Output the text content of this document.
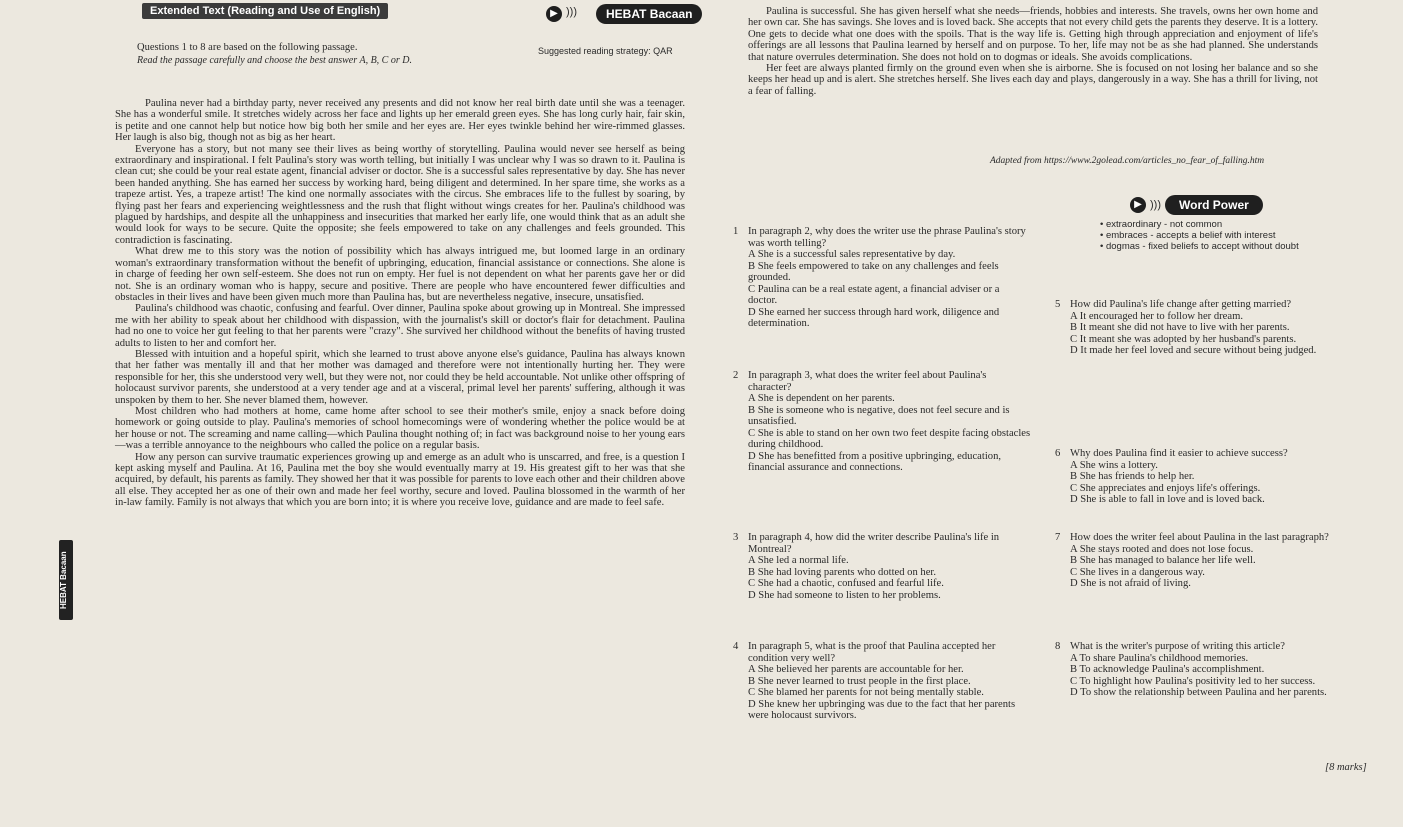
Extended Text (Reading and Use of English)	▶ )))	HEBAT Bacaan
Questions 1 to 8 are based on the following passage.
Read the passage carefully and choose the best answer A, B, C or D.
Suggested reading strategy: QAR

Paulina never had a birthday party, never received any presents and did not know her real birth date until she was a teenager. She has a wonderful smile. It stretches widely across her face and lights up her emerald green eyes. She has long curly hair, fair skin, is petite and one cannot help but notice how big both her smile and her eyes are. Her eyes twinkle behind her wire-rimmed glasses. Her laugh is also big, though not as big as her heart.

Everyone has a story, but not many see their lives as being worthy of storytelling. Paulina would never see herself as being extraordinary and inspirational. I felt Paulina's story was worth telling, but initially I was unclear why I was so drawn to it. Paulina is clean cut; she could be your real estate agent, financial adviser or doctor. She is a successful sales representative by day. She has never been handed anything. She has earned her success by working hard, being diligent and determined. In her spare time, she works as a trapeze artist. Yes, a trapeze artist! The kind one normally associates with the circus. She embraces life to the fullest by soaring, by flying past her fears and experiencing weightlessness and the rush that flight without wings creates for her. Paulina's childhood was plagued by hardships, and despite all the unhappiness and insecurities that marked her early life, one would think that as an adult she would look for ways to be secure. Quite the opposite; she feels empowered to take on any challenges and feels grounded. This contradiction is fascinating.

What drew me to this story was the notion of possibility which has always intrigued me, but loomed large in an ordinary woman's extraordinary transformation without the benefit of upbringing, education, financial assistance or connections. She alone is in charge of feeding her own self-esteem. She does not run on empty. Her fuel is not dependent on what her parents gave her or did not. She is an ordinary woman who is happy, secure and positive. There are people who have encountered fewer difficulties and obstacles in their lives and have been given much more than Paulina has, but are nevertheless negative, insecure, unsatisfied.

Paulina's childhood was chaotic, confusing and fearful. Over dinner, Paulina spoke about growing up in Montreal. She impressed me with her ability to speak about her childhood with dispassion, with the journalist's skill or doctor's flair for detachment. Paulina had no one to voice her gut feeling to that her parents were "crazy". She survived her childhood without the benefits of having trusted adults to listen to her and comfort her.

Blessed with intuition and a hopeful spirit, which she learned to trust above anyone else's guidance, Paulina has always known that her father was mentally ill and that her mother was damaged and therefore were not intentionally hurting her. They were responsible for her, this she understood very well, but they were not, nor could they be held accountable. Not unlike other offspring of holocaust survivor parents, she understood at a very tender age and at a visceral, primal level her parents' suffering, although it was unspoken by them to her. She never blamed them, however.

Most children who had mothers at home, came home after school to see their mother's smile, enjoy a snack before doing homework or going outside to play. Paulina's memories of school homecomings were of wondering whether the police would be at her house or not. The screaming and name calling—which Paulina thought nothing of; in fact was background noise to her young ears—was a terrible annoyance to the neighbours who called the police on a regular basis.

How any person can survive traumatic experiences growing up and emerge as an adult who is unscarred, and free, is a question I kept asking myself and Paulina. At 16, Paulina met the boy she would eventually marry at 19. His greatest gift to her was that she acquired, by default, his parents as family. They showed her that it was possible for parents to love each other and their children above all else. They accepted her as one of their own and made her feel worthy, secure and loved. Paulina blossomed in the warmth of her in-law family. Family is not always that which you are born into; it is where you receive love, guidance and are made to feel safe.

HEBAT Bacaan

Paulina is successful. She has given herself what she needs—friends, hobbies and interests. She travels, owns her own home and her own car. She has savings. She loves and is loved back. She accepts that not every child gets the parents they deserve. It is a lottery. One gets to decide what one does with the spoils. That is the way life is. Getting high through appreciation and enjoyment of life's offerings are all lessons that Paulina learned by herself and on purpose. To her, life may not be as she had planned. She understands that nature overrules determination. She does not hold on to dogmas or ideals. She avoids complications.

Her feet are always planted firmly on the ground even when she is airborne. She is focused on not losing her balance and so she keeps her head up and is alert. She stretches herself. She lives each day and plays, dangerously in a way. She has a thrill for living, not a fear of falling.

Adapted from https://www.2golead.com/articles_no_fear_of_falling.htm
▶ )))	Word Power
• extraordinary - not common
• embraces - accepts a belief with interest
• dogmas - fixed beliefs to accept without doubt
1 In paragraph 2, why does the writer use the phrase Paulina's story was worth telling?
A She is a successful sales representative by day.
B She feels empowered to take on any challenges and feels grounded.
C Paulina can be a real estate agent, a financial adviser or a doctor.
D She earned her success through hard work, diligence and determination.
2 In paragraph 3, what does the writer feel about Paulina's character?
A She is dependent on her parents.
B She is someone who is negative, does not feel secure and is unsatisfied.
C She is able to stand on her own two feet despite facing obstacles during childhood.
D She has benefitted from a positive upbringing, education, financial assurance and connections.
3 In paragraph 4, how did the writer describe Paulina's life in Montreal?
A She led a normal life.
B She had loving parents who dotted on her.
C She had a chaotic, confused and fearful life.
D She had someone to listen to her problems.
4 In paragraph 5, what is the proof that Paulina accepted her condition very well?
A She believed her parents are accountable for her.
B She never learned to trust people in the first place.
C She blamed her parents for not being mentally stable.
D She knew her upbringing was due to the fact that her parents were holocaust survivors.
5 How did Paulina's life change after getting married?
A It encouraged her to follow her dream.
B It meant she did not have to live with her parents.
C It meant she was adopted by her husband's parents.
D It made her feel loved and secure without being judged.
6 Why does Paulina find it easier to achieve success?
A She wins a lottery.
B She has friends to help her.
C She appreciates and enjoys life's offerings.
D She is able to fall in love and is loved back.
7 How does the writer feel about Paulina in the last paragraph?
A She stays rooted and does not lose focus.
B She has managed to balance her life well.
C She lives in a dangerous way.
D She is not afraid of living.
8 What is the writer's purpose of writing this article?
A To share Paulina's childhood memories.
B To acknowledge Paulina's accomplishment.
C To highlight how Paulina's positivity led to her success.
D To show the relationship between Paulina and her parents.
[8 marks]
